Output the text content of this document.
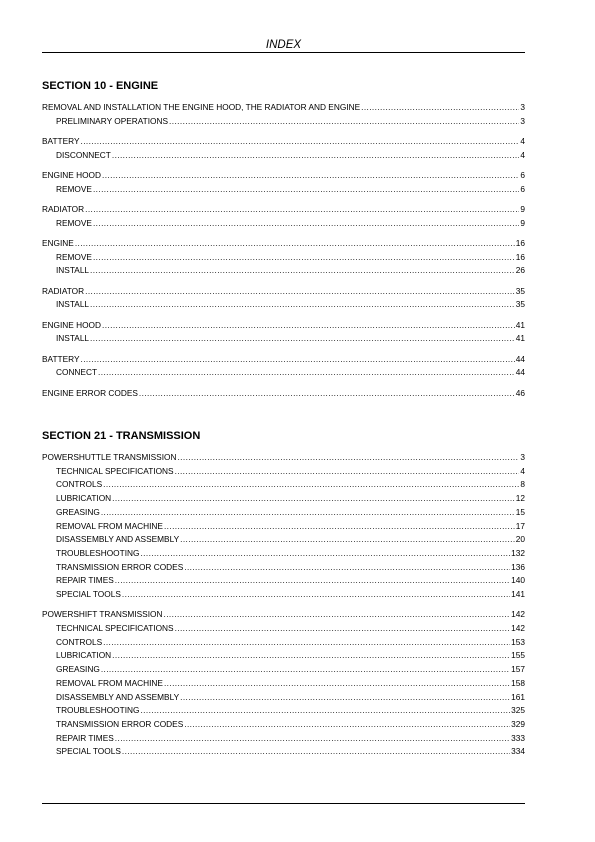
INDEX
SECTION 10 - ENGINE
REMOVAL AND INSTALLATION THE ENGINE HOOD, THE RADIATOR AND ENGINE .....	3
PRELIMINARY OPERATIONS .....	3
BATTERY .....	4
DISCONNECT .....	4
ENGINE HOOD .....	6
REMOVE .....	6
RADIATOR .....	9
REMOVE .....	9
ENGINE .....	16
REMOVE .....	16
INSTALL .....	26
RADIATOR .....	35
INSTALL .....	35
ENGINE HOOD .....	41
INSTALL .....	41
BATTERY .....	44
CONNECT .....	44
ENGINE ERROR CODES .....	46
SECTION 21 - TRANSMISSION
POWERSHUTTLE TRANSMISSION .....	3
TECHNICAL SPECIFICATIONS .....	4
CONTROLS .....	8
LUBRICATION .....	12
GREASING .....	15
REMOVAL FROM MACHINE .....	17
DISASSEMBLY AND ASSEMBLY .....	20
TROUBLESHOOTING .....	132
TRANSMISSION ERROR CODES .....	136
REPAIR TIMES .....	140
SPECIAL TOOLS .....	141
POWERSHIFT TRANSMISSION .....	142
TECHNICAL SPECIFICATIONS .....	142
CONTROLS .....	153
LUBRICATION .....	155
GREASING .....	157
REMOVAL FROM MACHINE .....	158
DISASSEMBLY AND ASSEMBLY .....	161
TROUBLESHOOTING .....	325
TRANSMISSION ERROR CODES .....	329
REPAIR TIMES .....	333
SPECIAL TOOLS .....	334
